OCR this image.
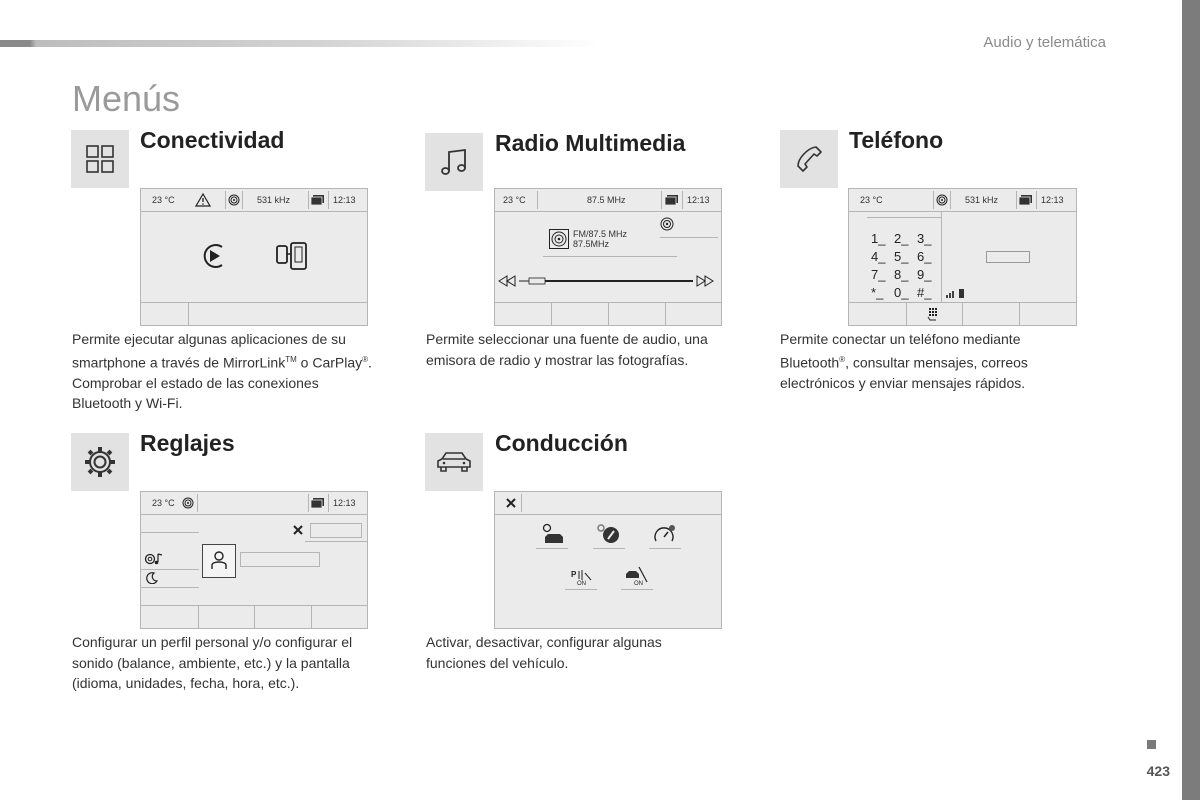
Audio y telemática
Menús
Conectividad
23 °C	531 kHz	12:13
Permite ejecutar algunas aplicaciones de su
smartphone a través de MirrorLink™ o CarPlay®.
Comprobar el estado de las conexiones
Bluetooth y Wi-Fi.
Radio Multimedia
23 °C	87.5 MHz	12:13
FM/87.5 MHz
87.5MHz
Permite seleccionar una fuente de audio, una
emisora de radio y mostrar las fotografías.
Teléfono
23 °C	531 kHz	12:13
1_ 2_ 3_
4_ 5_ 6_
7_ 8_ 9_
*_ 0_ #_
Permite conectar un teléfono mediante
Bluetooth®, consultar mensajes, correos
electrónicos y enviar mensajes rápidos.
Reglajes
23 °C	12:13
Configurar un perfil personal y/o configurar el
sonido (balance, ambiente, etc.) y la pantalla
(idioma, unidades, fecha, hora, etc.).
Conducción
P
ON	ON
Activar, desactivar, configurar algunas
funciones del vehículo.
423
